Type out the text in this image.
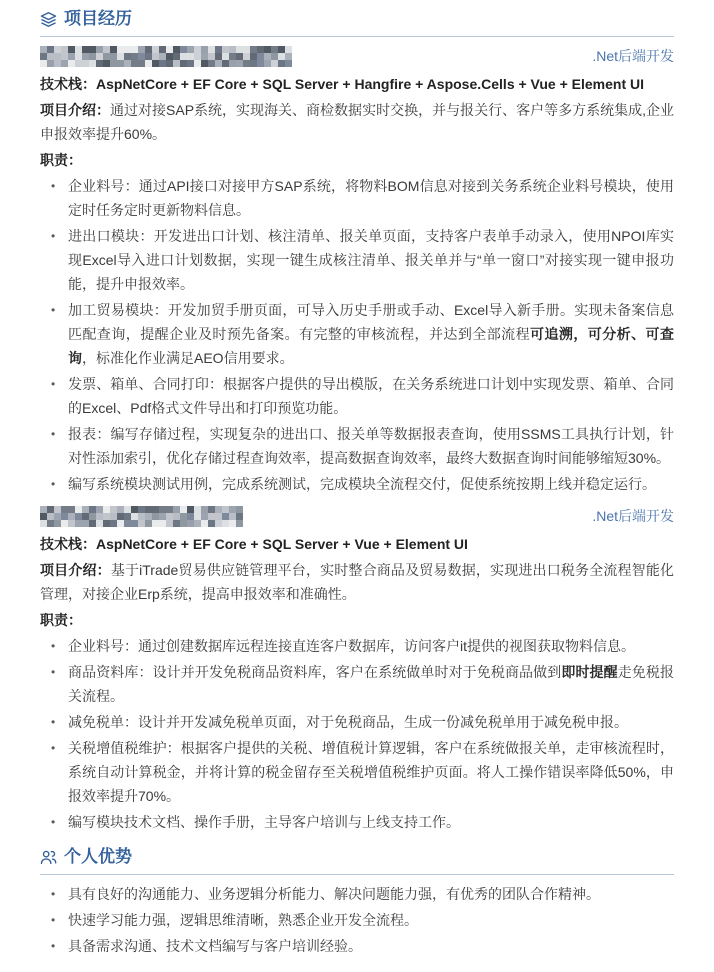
项目经历
.Net后端开发
技术栈：AspNetCore + EF Core + SQL Server + Hangfire + Aspose.Cells + Vue + Element UI
项目介绍：通过对接SAP系统，实现海关、商检数据实时交换，并与报关行、客户等多方系统集成,企业申报效率提升60%。
职责：
• 企业料号：通过API接口对接甲方SAP系统，将物料BOM信息对接到关务系统企业料号模块，使用定时任务定时更新物料信息。
• 进出口模块：开发进出口计划、核注清单、报关单页面，支持客户表单手动录入，使用NPOI库实现Excel导入进口计划数据，实现一键生成核注清单、报关单并与“单一窗口”对接实现一键申报功能，提升申报效率。
• 加工贸易模块：开发加贸手册页面，可导入历史手册或手动、Excel导入新手册。实现未备案信息匹配查询，提醒企业及时预先备案。有完整的审核流程，并达到全部流程可追溯，可分析、可查询，标准化作业满足AEO信用要求。
• 发票、箱单、合同打印：根据客户提供的导出模版，在关务系统进口计划中实现发票、箱单、合同的Excel、Pdf格式文件导出和打印预览功能。
• 报表：编写存储过程，实现复杂的进出口、报关单等数据报表查询，使用SSMS工具执行计划，针对性添加索引，优化存储过程查询效率，提高数据查询效率，最终大数据查询时间能够缩短30%。
• 编写系统模块测试用例，完成系统测试，完成模块全流程交付，促使系统按期上线并稳定运行。
.Net后端开发
技术栈：AspNetCore + EF Core + SQL Server + Vue + Element UI
项目介绍：基于iTrade贸易供应链管理平台，实时整合商品及贸易数据，实现进出口税务全流程智能化管理，对接企业Erp系统，提高申报效率和准确性。
职责：
• 企业料号：通过创建数据库远程连接直连客户数据库，访问客户it提供的视图获取物料信息。
• 商品资料库：设计并开发免税商品资料库，客户在系统做单时对于免税商品做到即时提醒走免税报关流程。
• 减免税单：设计并开发减免税单页面，对于免税商品，生成一份减免税单用于减免税申报。
• 关税增值税维护：根据客户提供的关税、增值税计算逻辑，客户在系统做报关单，走审核流程时，系统自动计算税金，并将计算的税金留存至关税增值税维护页面。将人工操作错误率降低50%，申报效率提升70%。
• 编写模块技术文档、操作手册，主导客户培训与上线支持工作。
个人优势
• 具有良好的沟通能力、业务逻辑分析能力、解决问题能力强，有优秀的团队合作精神。
• 快速学习能力强，逻辑思维清晰，熟悉企业开发全流程。
• 具备需求沟通、技术文档编写与客户培训经验。
